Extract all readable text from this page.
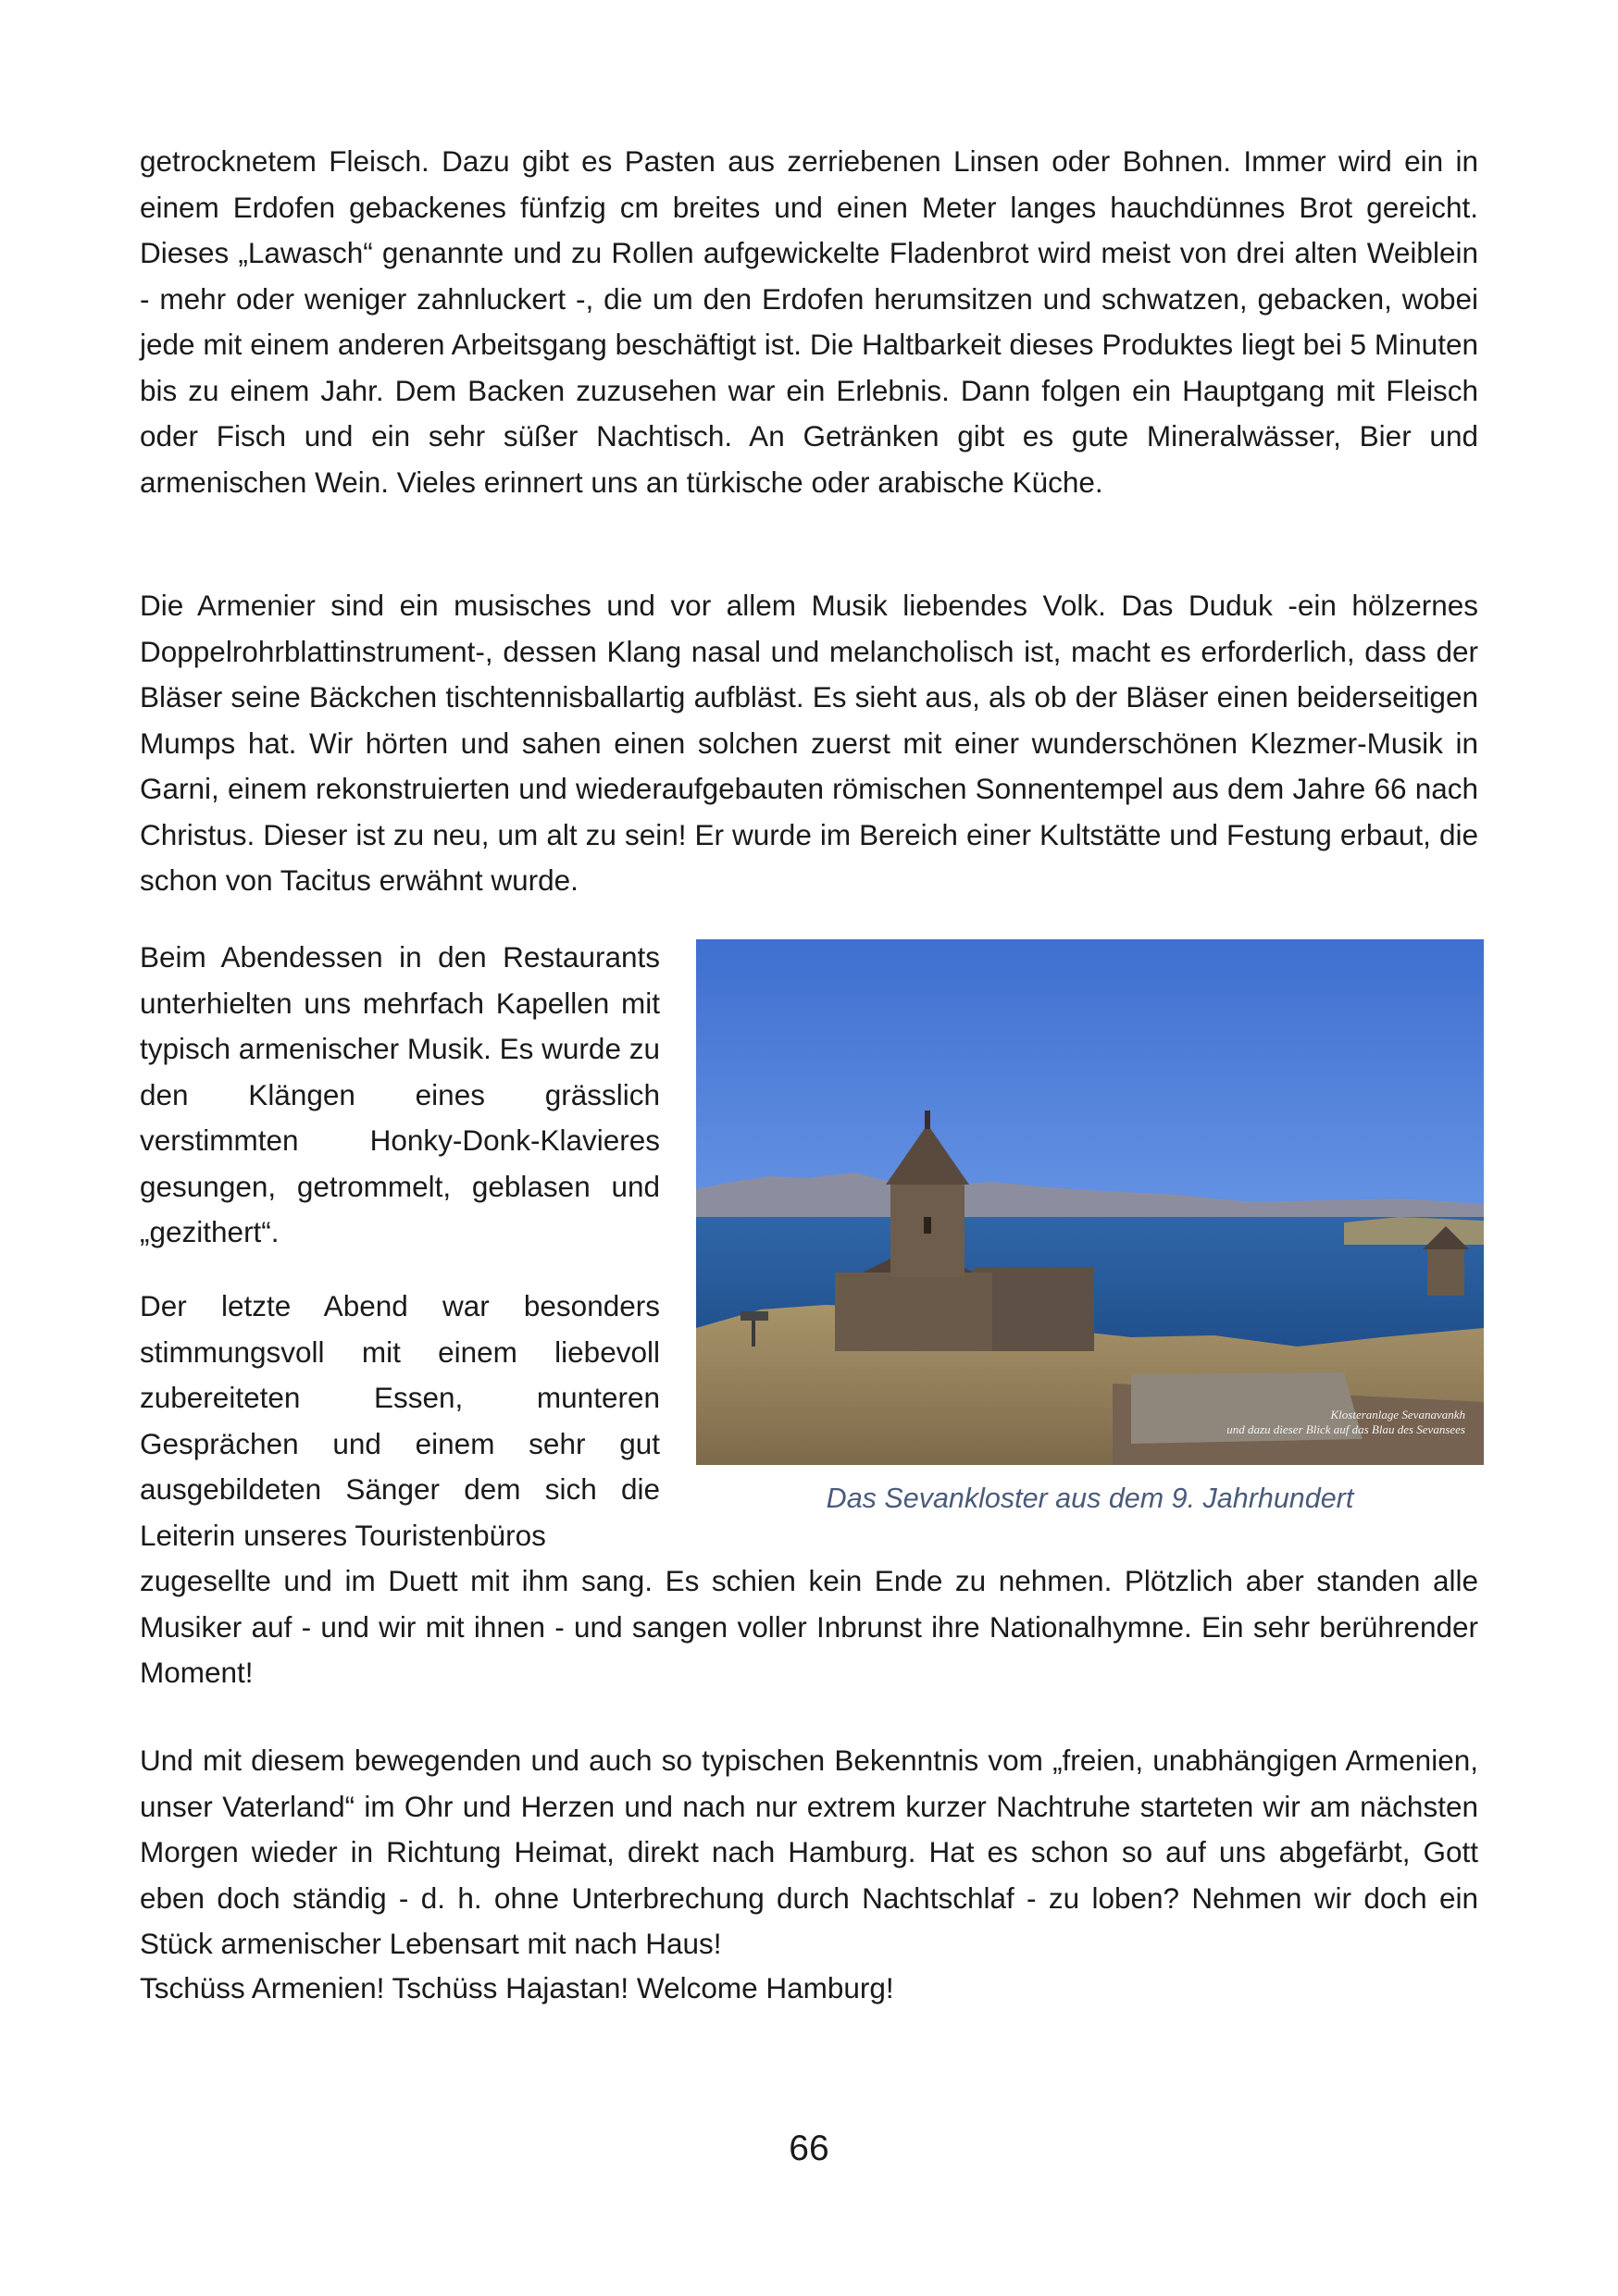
getrocknetem Fleisch. Dazu gibt es Pasten aus zerriebenen Linsen oder Bohnen. Immer wird ein in einem Erdofen gebackenes fünfzig cm breites und einen Meter langes hauchdünnes Brot gereicht. Dieses „Lawasch“ genannte und zu Rollen aufgewickelte Fladenbrot wird meist von drei alten Weiblein - mehr oder weniger zahnluckert -, die um den Erdofen herumsitzen und schwatzen, gebacken, wobei jede mit einem anderen Arbeitsgang beschäftigt ist. Die Haltbarkeit dieses Produktes liegt bei 5 Minuten bis zu einem Jahr. Dem Backen zuzusehen war ein Erlebnis. Dann folgen ein Hauptgang mit Fleisch oder Fisch und ein sehr süßer Nachtisch. An Getränken gibt es gute Mineralwässer, Bier und armenischen Wein. Vieles erinnert uns an türkische oder arabische Küche.

Die Armenier sind ein musisches und vor allem Musik liebendes Volk. Das Duduk -ein hölzernes Doppelrohrblattinstrument-, dessen Klang nasal und melancholisch ist, macht es erforderlich, dass der Bläser seine Bäckchen tischtennisballartig aufbläst. Es sieht aus, als ob der Bläser einen beiderseitigen Mumps hat. Wir hörten und sahen einen solchen zuerst mit einer wunderschönen Klezmer-Musik in Garni, einem rekonstruierten und wiederaufgebauten römischen Sonnentempel aus dem Jahre 66 nach Christus. Dieser ist zu neu, um alt zu sein! Er wurde im Bereich einer Kultstätte und Festung erbaut, die schon von Tacitus erwähnt wurde.

Beim Abendessen in den Restaurants unterhielten uns mehrfach Kapellen mit typisch armenischer Musik. Es wurde zu den Klängen eines grässlich verstimmten Honky-Donk-Klavieres gesungen, getrommelt, geblasen und „gezithert“.

Der letzte Abend war besonders stimmungsvoll mit einem liebevoll zubereiteten Essen, munteren Gesprächen und einem sehr gut ausgebildeten Sänger dem sich die Leiterin unseres Touristenbüros

zugesellte und im Duett mit ihm sang. Es schien kein Ende zu nehmen. Plötzlich aber standen alle Musiker auf - und wir mit ihnen - und sangen voller Inbrunst ihre Nationalhymne. Ein sehr berührender Moment!

Und mit diesem bewegenden und auch so typischen Bekenntnis vom „freien, unabhängigen Armenien, unser Vaterland“ im Ohr und Herzen und nach nur extrem kurzer Nachtruhe starteten wir am nächsten Morgen wieder in Richtung Heimat, direkt nach Hamburg. Hat es schon so auf uns abgefärbt, Gott eben doch ständig - d. h. ohne Unterbrechung durch Nachtschlaf - zu loben? Nehmen wir doch ein Stück armenischer Lebensart mit nach Haus!

Tschüss Armenien! Tschüss Hajastan! Welcome Hamburg!

Klosteranlage Sevanavankh
und dazu dieser Blick auf das Blau des Sevansees

Das Sevankloster aus dem 9. Jahrhundert

66
